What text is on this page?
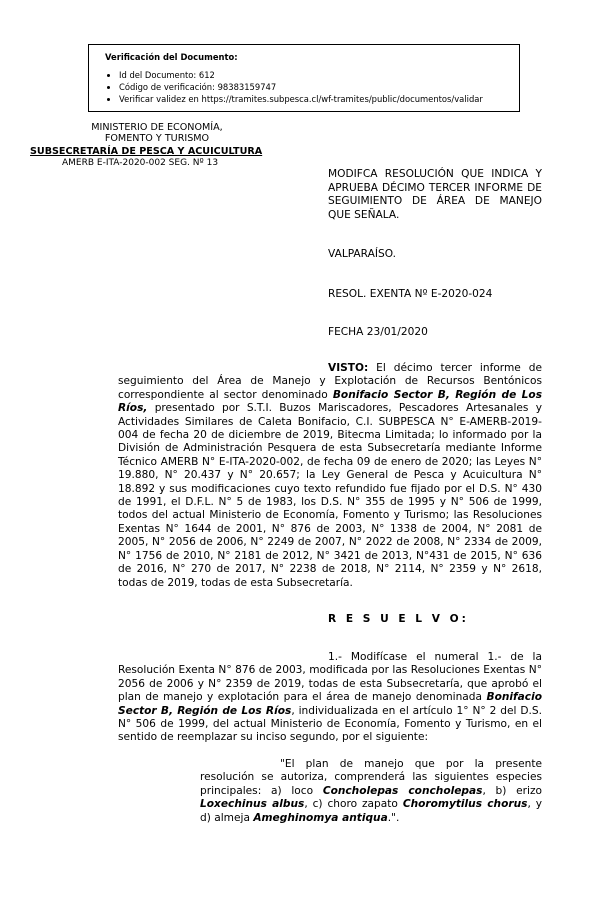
Verificación del Documento:
• Id del Documento: 612
• Código de verificación: 98383159747
• Verificar validez en https://tramites.subpesca.cl/wf-tramites/public/documentos/validar
MINISTERIO DE ECONOMÍA,
FOMENTO Y TURISMO
SUBSECRETARÍA DE PESCA Y ACUICULTURA
AMERB E-ITA-2020-002 SEG. Nº 13
MODIFCA RESOLUCIÓN QUE INDICA Y APRUEBA DÉCIMO TERCER INFORME DE SEGUIMIENTO DE ÁREA DE MANEJO QUE SEÑALA.
VALPARAÍSO.
RESOL. EXENTA Nº E-2020-024
FECHA 23/01/2020
VISTO: El décimo tercer informe de seguimiento del Área de Manejo y Explotación de Recursos Bentónicos correspondiente al sector denominado Bonifacio Sector B, Región de Los Ríos, presentado por S.T.I. Buzos Mariscadores, Pescadores Artesanales y Actividades Similares de Caleta Bonifacio, C.I. SUBPESCA N° E-AMERB-2019-004 de fecha 20 de diciembre de 2019, Bitecma Limitada; lo informado por la División de Administración Pesquera de esta Subsecretaría mediante Informe Técnico AMERB N° E-ITA-2020-002, de fecha 09 de enero de 2020; las Leyes N° 19.880, N° 20.437 y N° 20.657; la Ley General de Pesca y Acuicultura N° 18.892 y sus modificaciones cuyo texto refundido fue fijado por el D.S. N° 430 de 1991, el D.F.L. N° 5 de 1983, los D.S. N° 355 de 1995 y N° 506 de 1999, todos del actual Ministerio de Economía, Fomento y Turismo; las Resoluciones Exentas N° 1644 de 2001, N° 876 de 2003, N° 1338 de 2004, N° 2081 de 2005, N° 2056 de 2006, N° 2249 de 2007, N° 2022 de 2008, N° 2334 de 2009, N° 1756 de 2010, N° 2181 de 2012, N° 3421 de 2013, N°431 de 2015, N° 636 de 2016, N° 270 de 2017, N° 2238 de 2018, N° 2114, N° 2359 y N° 2618, todas de 2019, todas de esta Subsecretaría.
R E S U E L V O:
1.- Modifícase el numeral 1.- de la Resolución Exenta N° 876 de 2003, modificada por las Resoluciones Exentas N° 2056 de 2006 y N° 2359 de 2019, todas de esta Subsecretaría, que aprobó el plan de manejo y explotación para el área de manejo denominada Bonifacio Sector B, Región de Los Ríos, individualizada en el artículo 1° N° 2 del D.S. N° 506 de 1999, del actual Ministerio de Economía, Fomento y Turismo, en el sentido de reemplazar su inciso segundo, por el siguiente:
"El plan de manejo que por la presente resolución se autoriza, comprenderá las siguientes especies principales: a) loco Concholepas concholepas, b) erizo Loxechinus albus, c) choro zapato Choromytilus chorus, y d) almeja Ameghinomya antiqua.".
